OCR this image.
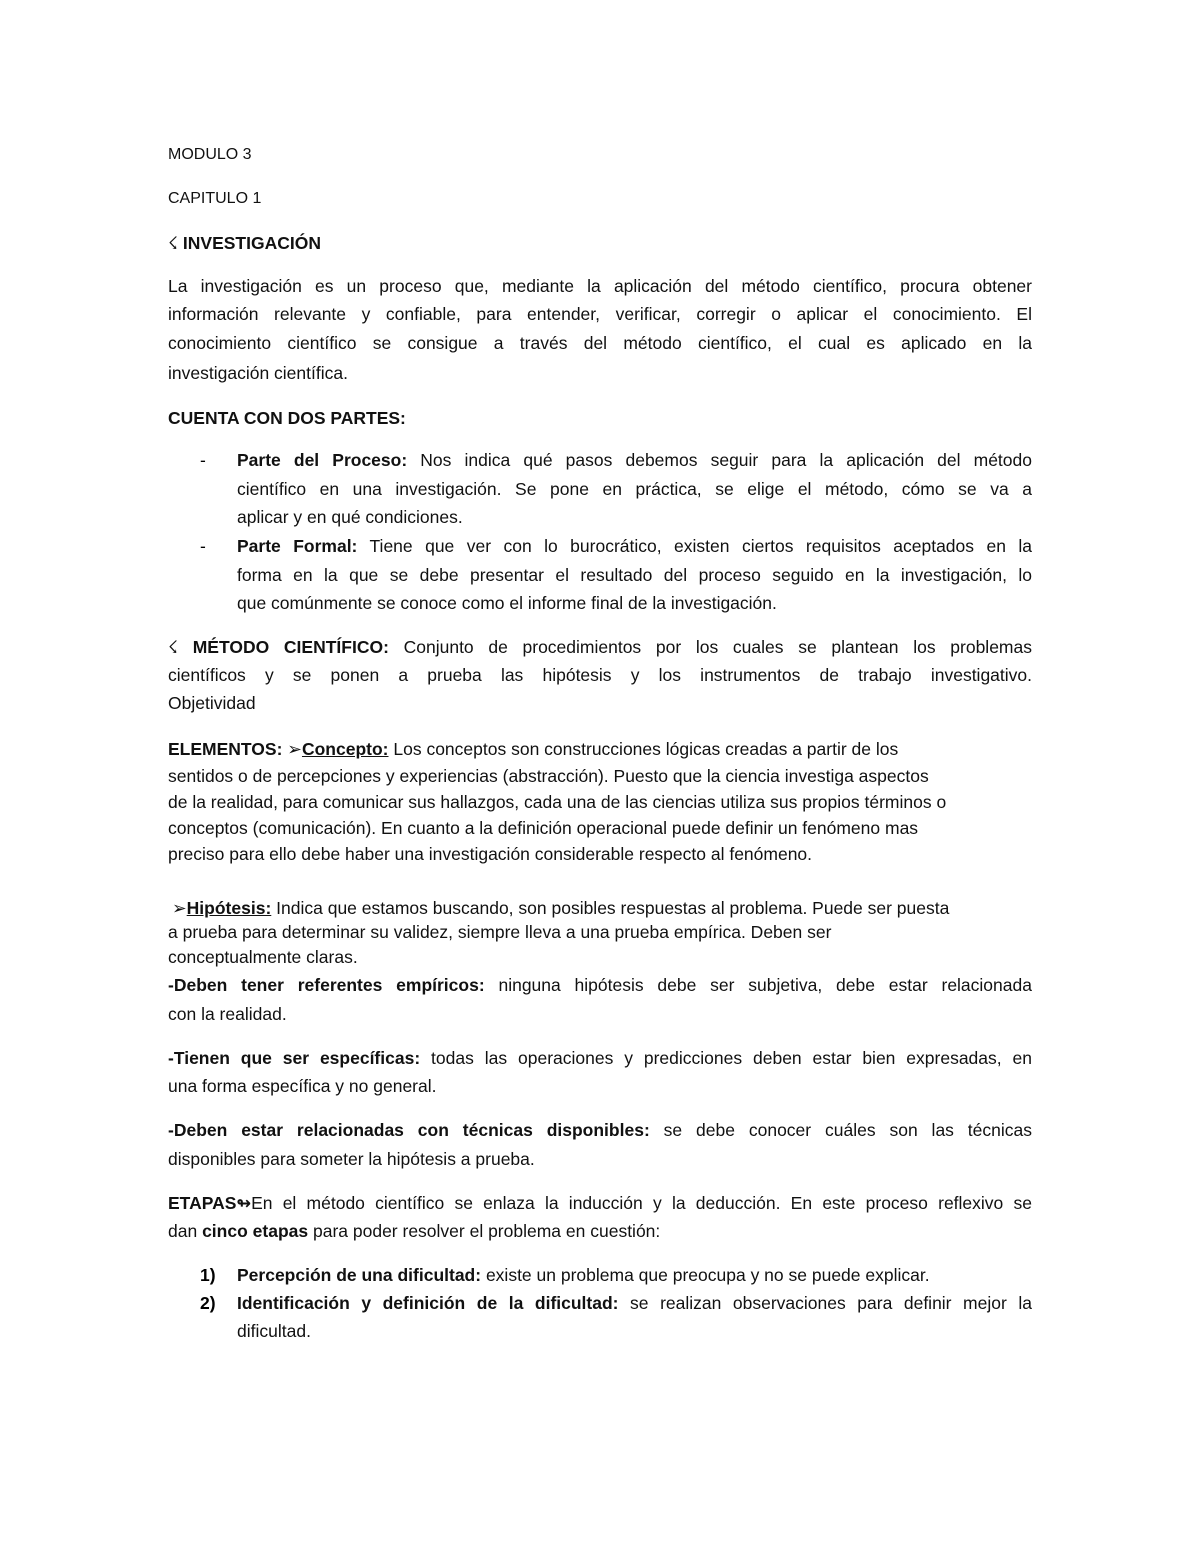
MODULO 3
CAPITULO 1
☇ INVESTIGACIÓN
La investigación es un proceso que, mediante la aplicación del método científico, procura obtener
información relevante y confiable, para entender, verificar, corregir o aplicar el conocimiento. El
conocimiento científico se consigue a través del método científico, el cual es aplicado en la
investigación científica.
CUENTA CON DOS PARTES:
- Parte del Proceso: Nos indica qué pasos debemos seguir para la aplicación del método
científico en una investigación. Se pone en práctica, se elige el método, cómo se va a
aplicar y en qué condiciones.
- Parte Formal: Tiene que ver con lo burocrático, existen ciertos requisitos aceptados en la
forma en la que se debe presentar el resultado del proceso seguido en la investigación, lo
que comúnmente se conoce como el informe final de la investigación.
☇ MÉTODO CIENTÍFICO: Conjunto de procedimientos por los cuales se plantean los problemas
científicos y se ponen a prueba las hipótesis y los instrumentos de trabajo investigativo.
Objetividad
ELEMENTOS: ➢Concepto: Los conceptos son construcciones lógicas creadas a partir de los
sentidos o de percepciones y experiencias (abstracción). Puesto que la ciencia investiga aspectos
de la realidad, para comunicar sus hallazgos, cada una de las ciencias utiliza sus propios términos o
conceptos (comunicación). En cuanto a la definición operacional puede definir un fenómeno mas
preciso para ello debe haber una investigación considerable respecto al fenómeno.
➢Hipótesis: Indica que estamos buscando, son posibles respuestas al problema. Puede ser puesta
a prueba para determinar su validez, siempre lleva a una prueba empírica. Deben ser
conceptualmente claras.
-Deben tener referentes empíricos: ninguna hipótesis debe ser subjetiva, debe estar relacionada
con la realidad.
-Tienen que ser específicas: todas las operaciones y predicciones deben estar bien expresadas, en
una forma específica y no general.
-Deben estar relacionadas con técnicas disponibles: se debe conocer cuáles son las técnicas
disponibles para someter la hipótesis a prueba.
ETAPAS↬En el método científico se enlaza la inducción y la deducción. En este proceso reflexivo se
dan cinco etapas para poder resolver el problema en cuestión:
1) Percepción de una dificultad: existe un problema que preocupa y no se puede explicar.
2) Identificación y definición de la dificultad: se realizan observaciones para definir mejor la
dificultad.
